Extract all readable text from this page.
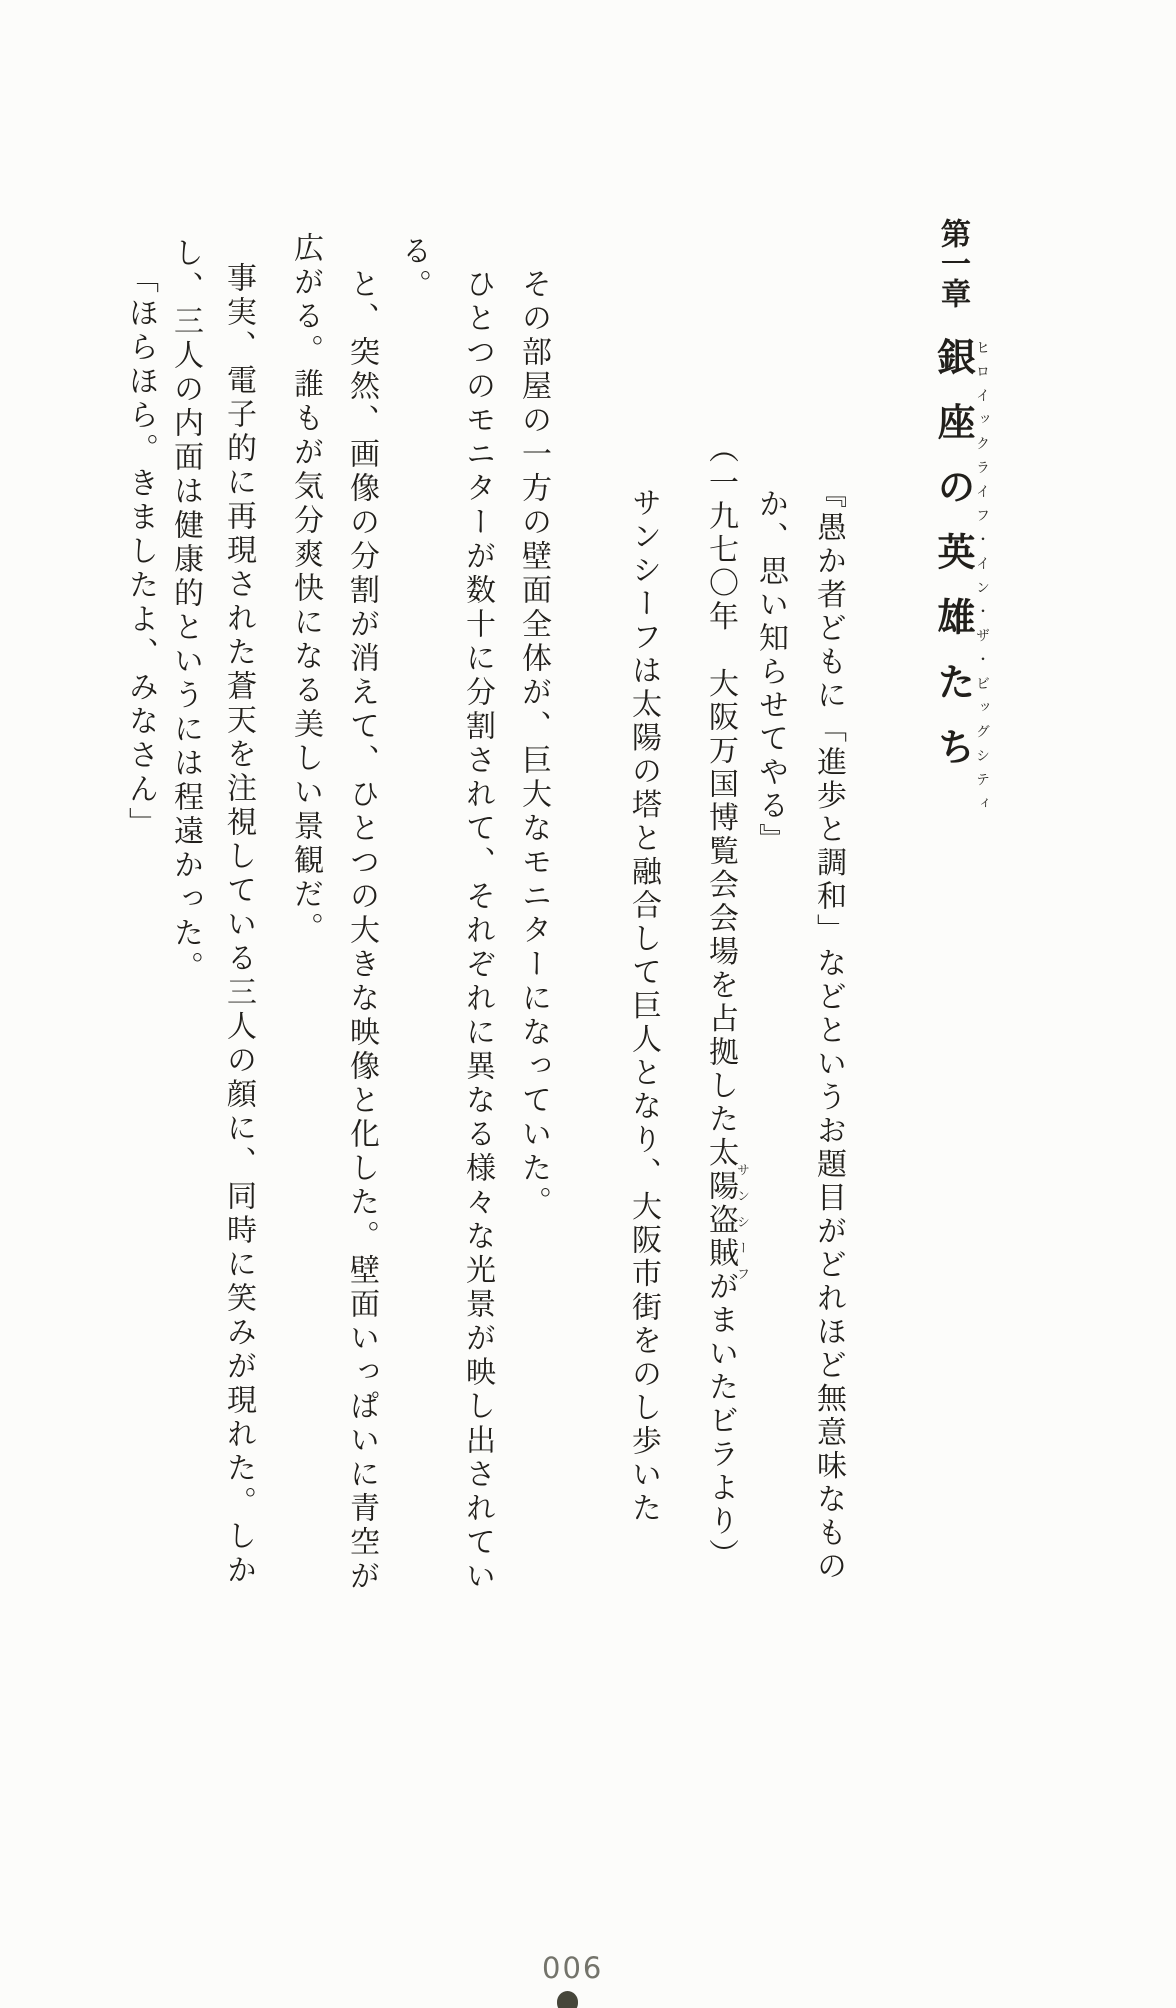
第一章銀座の英雄たち ヒロイックライフ・イン・ザ・ビッグシティ
『愚か者どもに「進歩と調和」などというお題目がどれほど無意味なもの
か、思い知らせてやる』
（一九七〇年　大阪万国博覧会会場を占拠した太陽盗賊がまいたビラより）
サンシーフ
サンシーフは太陽の塔と融合して巨人となり、大阪市街をのし歩いた
その部屋の一方の壁面全体が、巨大なモニターになっていた。
ひとつのモニターが数十に分割されて、それぞれに異なる様々な光景が映し出されてい
る。
と、突然、画像の分割が消えて、ひとつの大きな映像と化した。壁面いっぱいに青空が
広がる。誰もが気分爽快になる美しい景観だ。
事実、電子的に再現された蒼天を注視している三人の顔に、同時に笑みが現れた。しか
し、三人の内面は健康的というには程遠かった。
「ほらほら。きましたよ、みなさん」
006
